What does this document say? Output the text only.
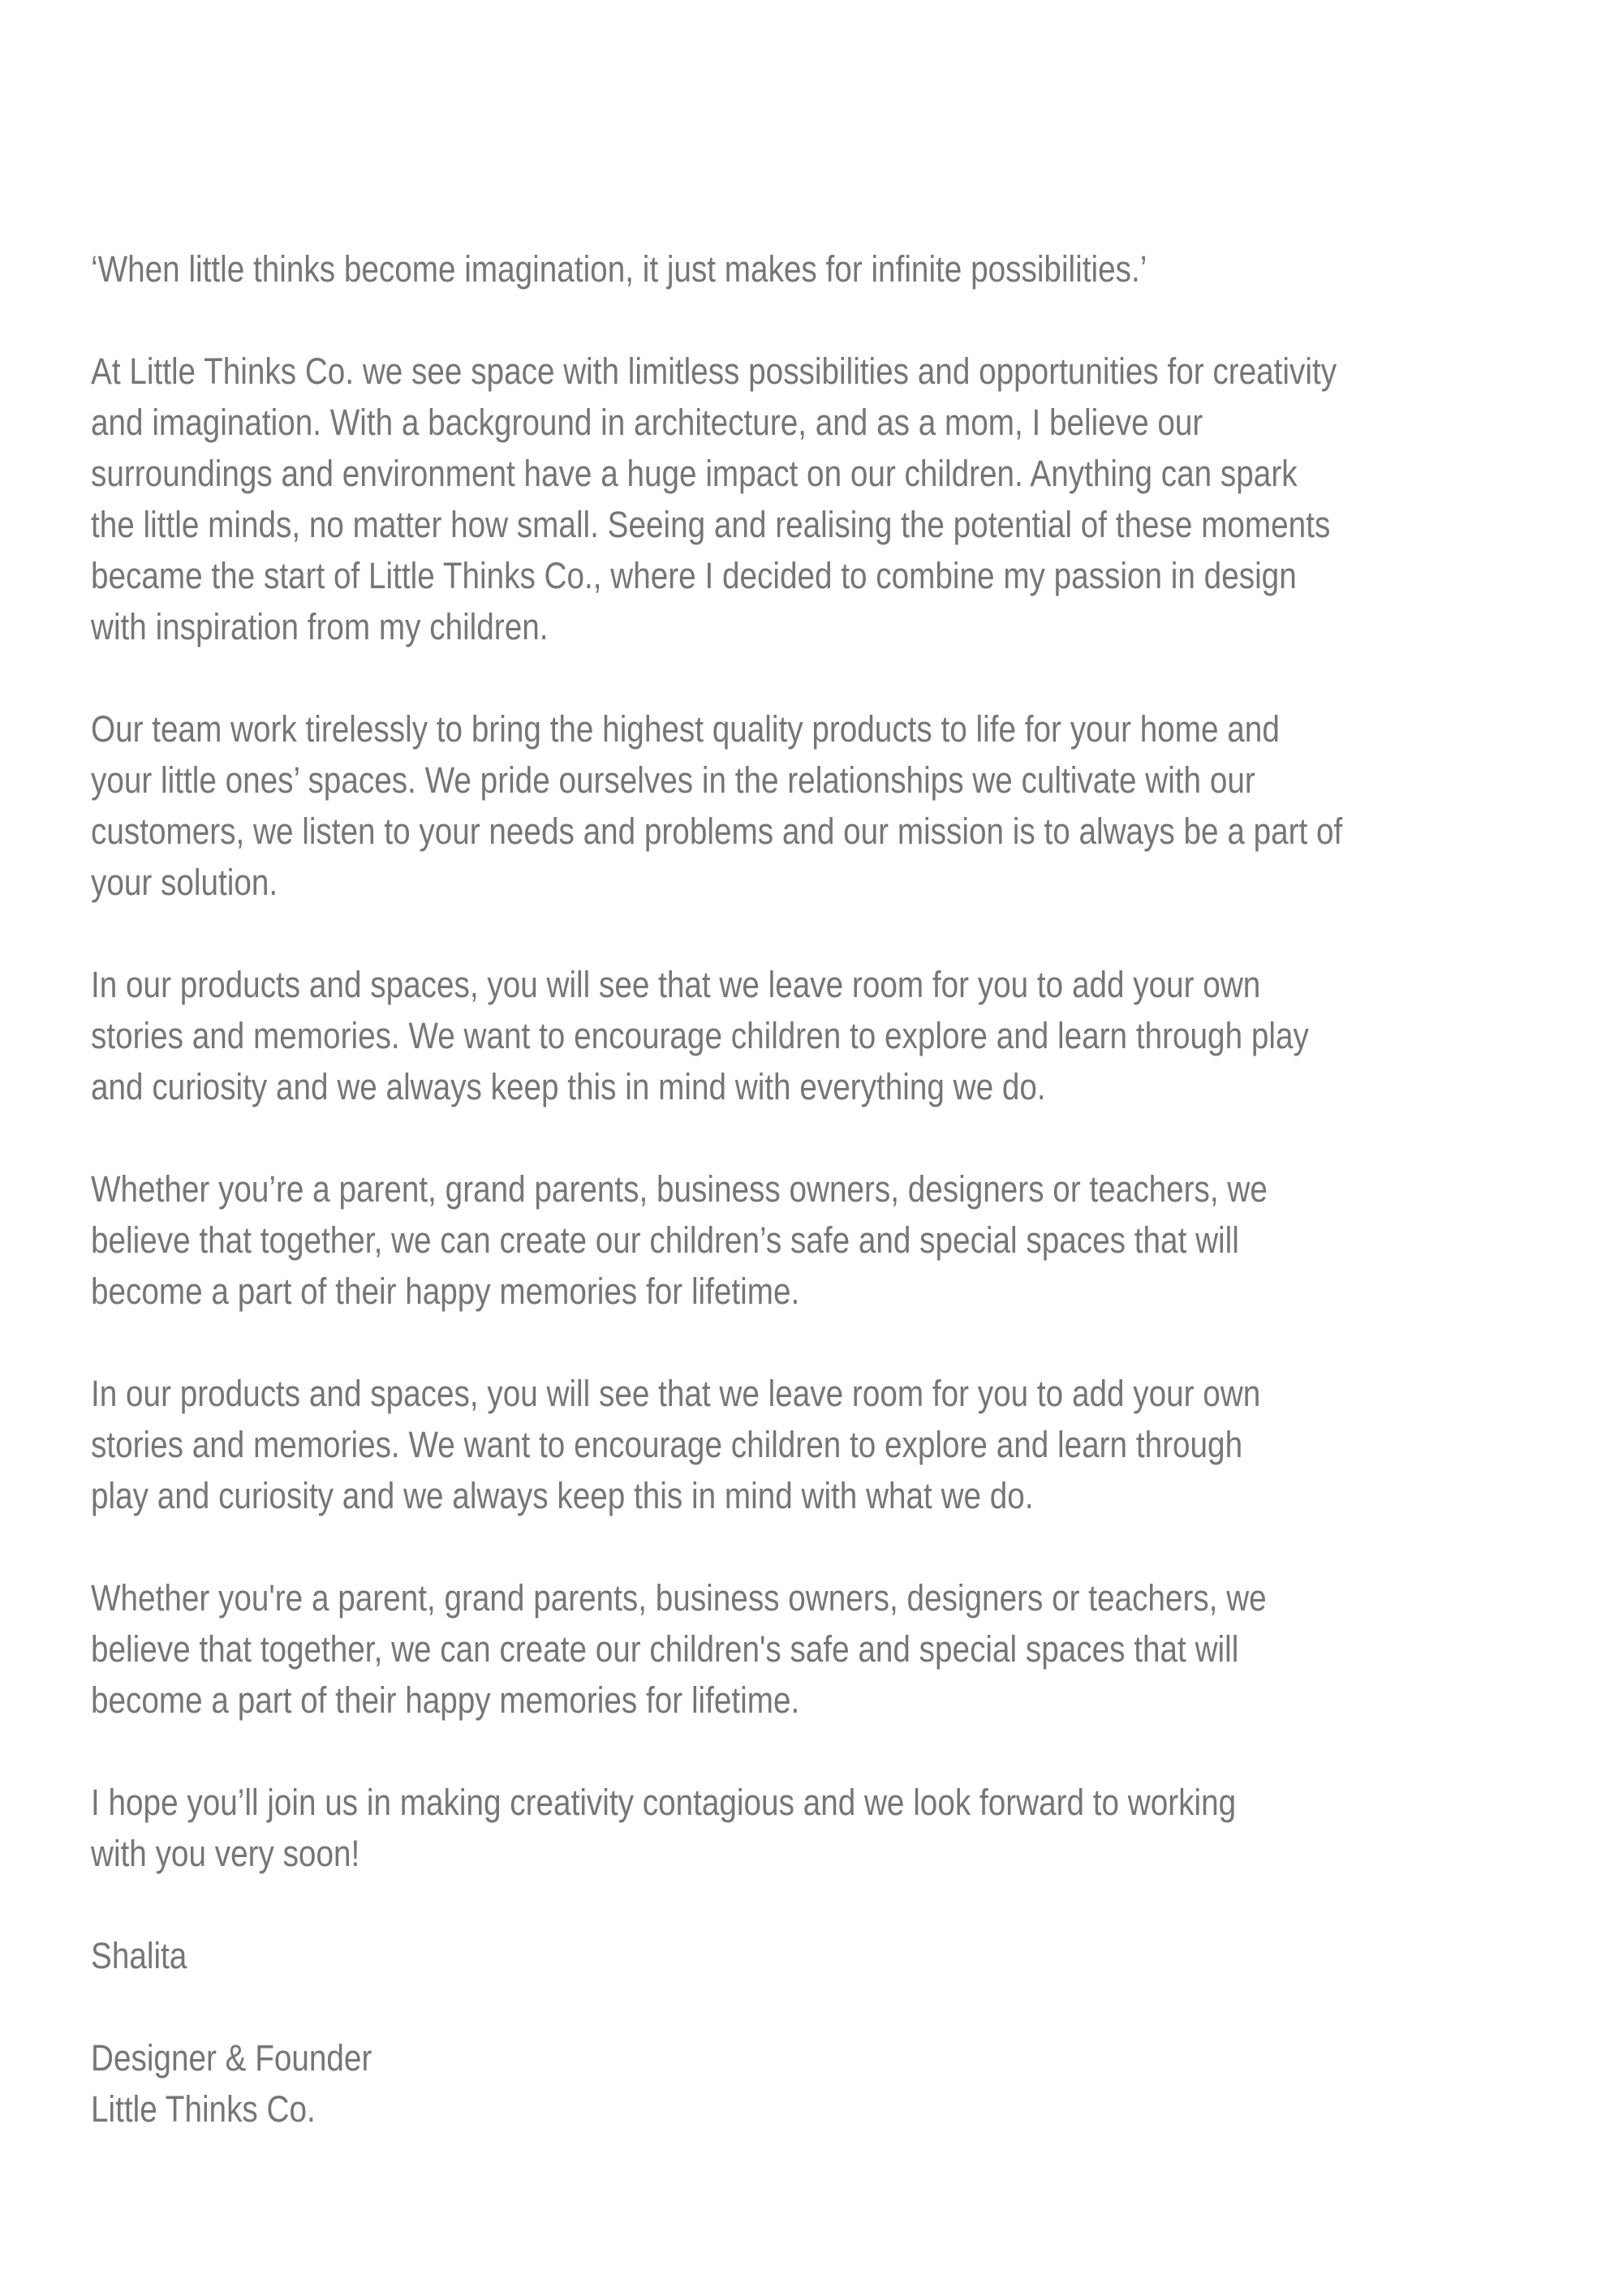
‘When little thinks become imagination, it just makes for infinite possibilities.’

At Little Thinks Co. we see space with limitless possibilities and opportunities for creativity
and imagination. With a background in architecture, and as a mom, I believe our
surroundings and environment have a huge impact on our children. Anything can spark
the little minds, no matter how small. Seeing and realising the potential of these moments
became the start of Little Thinks Co., where I decided to combine my passion in design
with inspiration from my children.

Our team work tirelessly to bring the highest quality products to life for your home and
your little ones’ spaces. We pride ourselves in the relationships we cultivate with our
customers, we listen to your needs and problems and our mission is to always be a part of
your solution.

In our products and spaces, you will see that we leave room for you to add your own
stories and memories. We want to encourage children to explore and learn through play
and curiosity and we always keep this in mind with everything we do.

Whether you’re a parent, grand parents, business owners, designers or teachers, we
believe that together, we can create our children’s safe and special spaces that will
become a part of their happy memories for lifetime.

In our products and spaces, you will see that we leave room for you to add your own
stories and memories. We want to encourage children to explore and learn through
play and curiosity and we always keep this in mind with what we do.

Whether you're a parent, grand parents, business owners, designers or teachers, we
believe that together, we can create our children's safe and special spaces that will
become a part of their happy memories for lifetime.

I hope you’ll join us in making creativity contagious and we look forward to working
with you very soon!

Shalita

Designer & Founder
Little Thinks Co.
